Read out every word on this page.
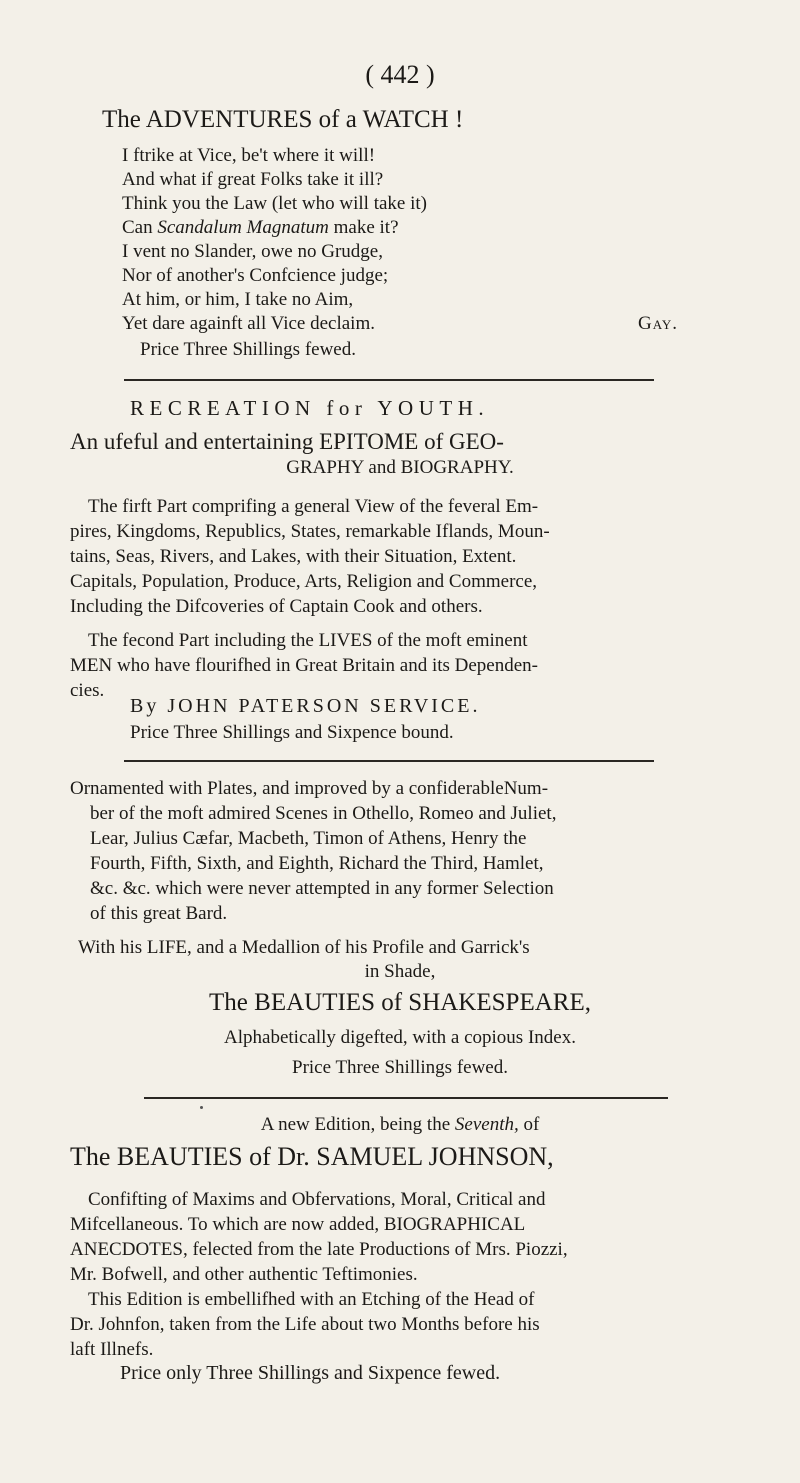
( 442 )
The ADVENTURES of a WATCH !
I ftrike at Vice, be't where it will!
And what if great Folks take it ill?
Think you the Law (let who will take it)
Can Scandalum Magnatum make it?
I vent no Slander, owe no Grudge,
Nor of another's Confcience judge;
At him, or him, I take no Aim,
Yet dare againft all Vice declaim.	Gay.
Price Three Shillings fewed.
RECREATION for YOUTH.
An ufeful and entertaining EPITOME of GEO-
GRAPHY and BIOGRAPHY.
The firft Part comprifing a general View of the feveral Em-
pires, Kingdoms, Republics, States, remarkable Iflands, Moun-
tains, Seas, Rivers, and Lakes, with their Situation, Extent.
Capitals, Population, Produce, Arts, Religion and Commerce,
Including the Difcoveries of Captain Cook and others.
The fecond Part including the LIVES of the moft eminent
MEN who have flourifhed in Great Britain and its Dependen-
cies.
By JOHN PATERSON SERVICE.
Price Three Shillings and Sixpence bound.
Ornamented with Plates, and improved by a confiderableNum-
ber of the moft admired Scenes in Othello, Romeo and Juliet,
Lear, Julius Cæfar, Macbeth, Timon of Athens, Henry the
Fourth, Fifth, Sixth, and Eighth, Richard the Third, Hamlet,
&c. &c. which were never attempted in any former Selection
of this great Bard.
With his LIFE, and a Medallion of his Profile and Garrick's
in Shade,
The BEAUTIES of SHAKESPEARE,
Alphabetically digefted, with a copious Index.
Price Three Shillings fewed.
A new Edition, being the Seventh, of
The BEAUTIES of Dr. SAMUEL JOHNSON,
Confifting of Maxims and Obfervations, Moral, Critical and
Mifcellaneous. To which are now added, BIOGRAPHICAL
ANECDOTES, felected from the late Productions of Mrs. Piozzi,
Mr. Bofwell, and other authentic Teftimonies.
This Edition is embellifhed with an Etching of the Head of
Dr. Johnfon, taken from the Life about two Months before his
laft Illnefs.
Price only Three Shillings and Sixpence fewed.
